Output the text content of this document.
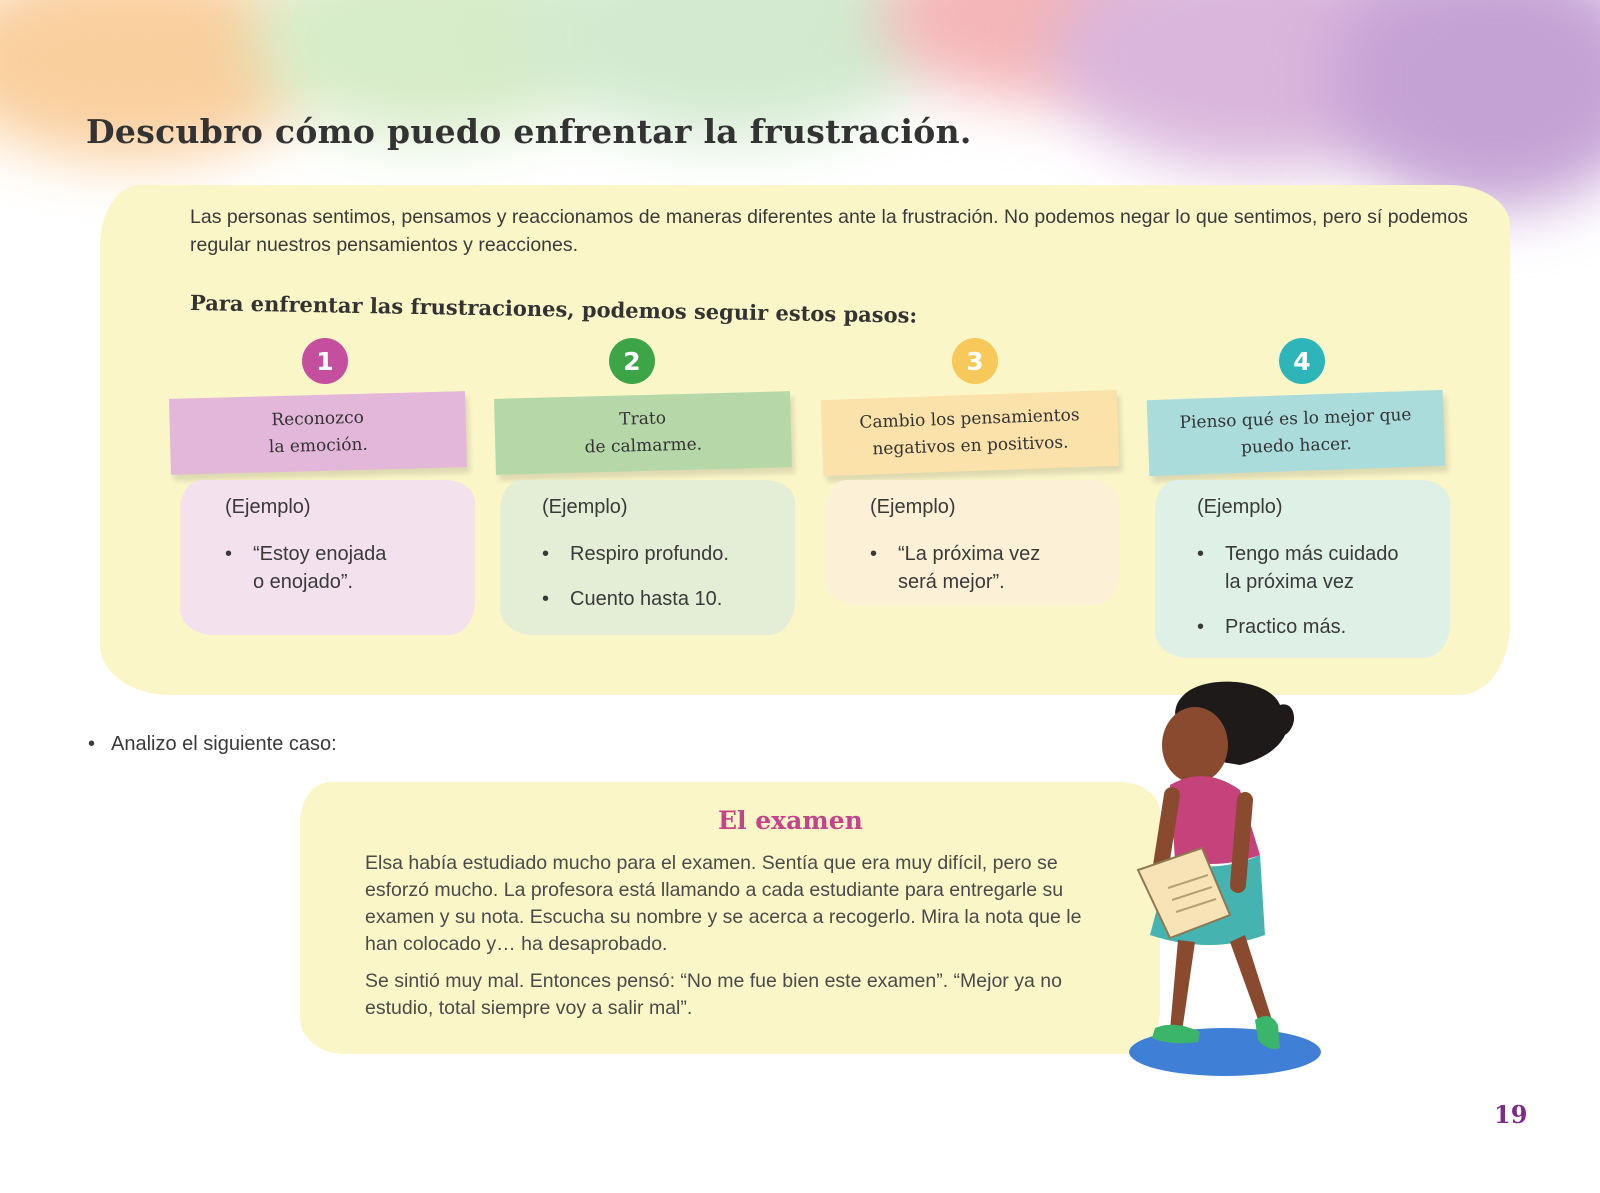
Descubro cómo puedo enfrentar la frustración.

Las personas sentimos, pensamos y reaccionamos de maneras diferentes ante la frustración. No podemos negar lo que sentimos, pero sí podemos regular nuestros pensamientos y reacciones.

Para enfrentar las frustraciones, podemos seguir estos pasos:

1
Reconozco
la emoción.
(Ejemplo)
• “Estoy enojada
o enojado”.
2
Trato
de calmarme.
(Ejemplo)
• Respiro profundo.
• Cuento hasta 10.
3
Cambio los pensamientos
negativos en positivos.
(Ejemplo)
• “La próxima vez
será mejor”.
4
Pienso qué es lo mejor que
puedo hacer.
(Ejemplo)
• Tengo más cuidado
la próxima vez
• Practico más.
• Analizo el siguiente caso:

Elsa había estudiado mucho para el examen. Sentía que era muy difícil, pero se esforzó mucho. La profesora está llamando a cada estudiante para entregarle su examen y su nota. Escucha su nombre y se acerca a recogerlo. Mira la nota que le han colocado y… ha desaprobado.

Se sintió muy mal. Entonces pensó: “No me fue bien este examen”. “Mejor ya no estudio, total siempre voy a salir mal”.

El examen
19
